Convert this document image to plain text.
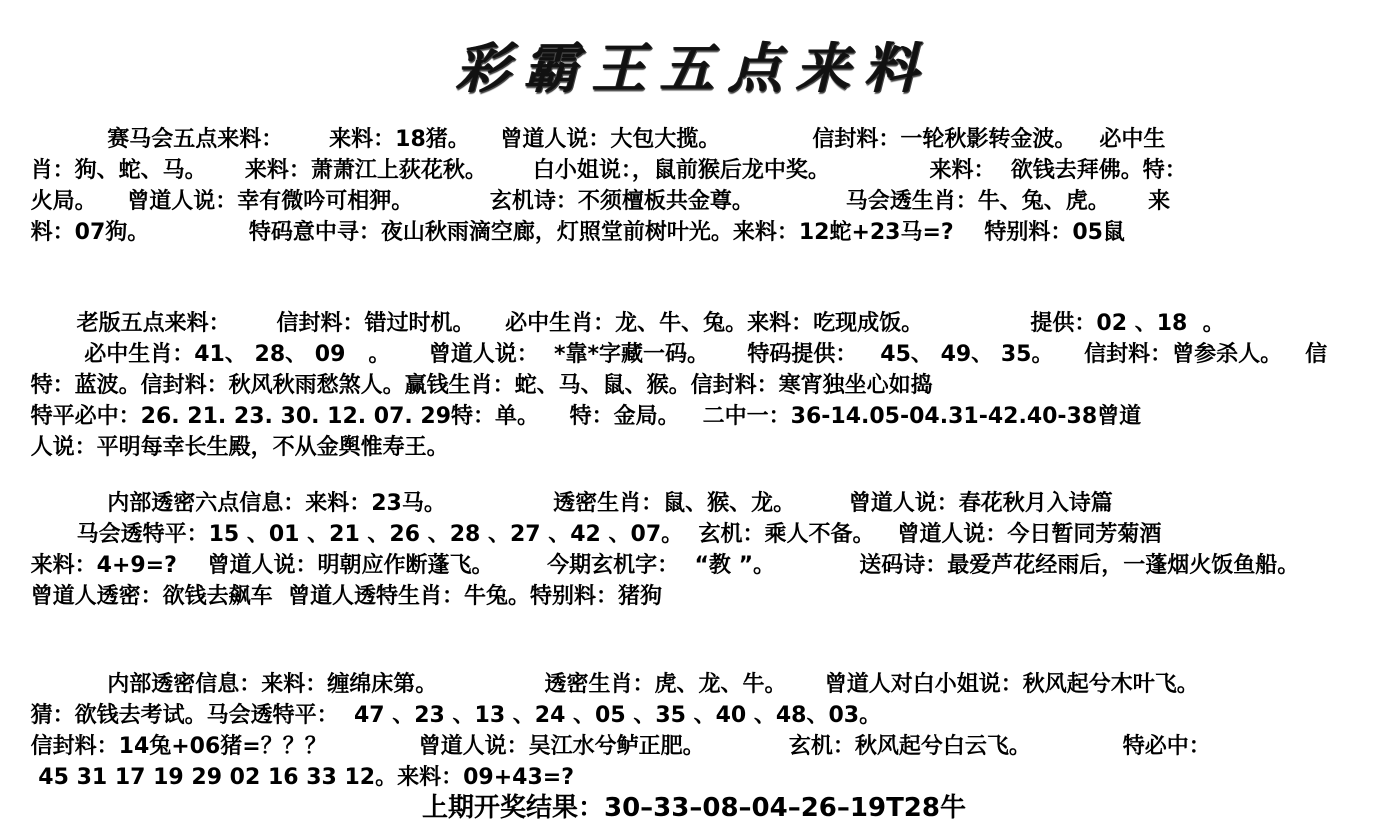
彩霸王五点来料
赛马会五点来料：      来料：18猪。    曾道人说：大包大揽。            信封料：一轮秋影转金波。   必中生
肖：狗、蛇、马。     来料：萧萧江上荻花秋。      白小姐说：，鼠前猴后龙中奖。             来料：  欲钱去拜佛。特：
火局。    曾道人说：幸有微吟可相狎。          玄机诗：不须檀板共金尊。            马会透生肖：牛、兔、虎。     来
料：07狗。             特码意中寻：夜山秋雨滴空廊，灯照堂前树叶光。来料：12蛇+23马=?    特别料：05鼠
老版五点来料：      信封料：错过时机。    必中生肖：龙、牛、兔。来料：吃现成饭。              提供：02 、18  。
必中生肖：41、 28、 09   。     曾道人说：  *靠*字藏一码。     特码提供：   45、 49、 35。    信封料：曾参杀人。   信
特：蓝波。信封料：秋风秋雨愁煞人。赢钱生肖：蛇、马、鼠、猴。信封料：寒宵独坐心如捣
特平必中：26. 21. 23. 30. 12. 07. 29特：单。    特：金局。   二中一：36-14.05-04.31-42.40-38曾道
人说：平明每幸长生殿，不从金舆惟寿王。
内部透密六点信息：来料：23马。              透密生肖：鼠、猴、龙。       曾道人说：春花秋月入诗篇
马会透特平：15 、01 、21 、26 、28 、27 、42 、07。  玄机：乘人不备。   曾道人说：今日暂同芳菊酒
来料：4+9=?    曾道人说：明朝应作断蓬飞。       今期玄机字：  “教 ”。           送码诗：最爱芦花经雨后，一蓬烟火饭鱼船。
曾道人透密：欲钱去飙车  曾道人透特生肖：牛兔。特别料：猪狗
内部透密信息：来料：缠绵床第。              透密生肖：虎、龙、牛。     曾道人对白小姐说：秋风起兮木叶飞。
猜：欲钱去考试。马会透特平：  47 、23 、13 、24 、05 、35 、40 、48、03。
信封料：14兔+06猪=？？？            曾道人说：吴江水兮鲈正肥。           玄机：秋风起兮白云飞。            特必中：
45 31 17 19 29 02 16 33 12。来料：09+43=?
上期开奖结果：30–33–08–04–26–19T28牛
